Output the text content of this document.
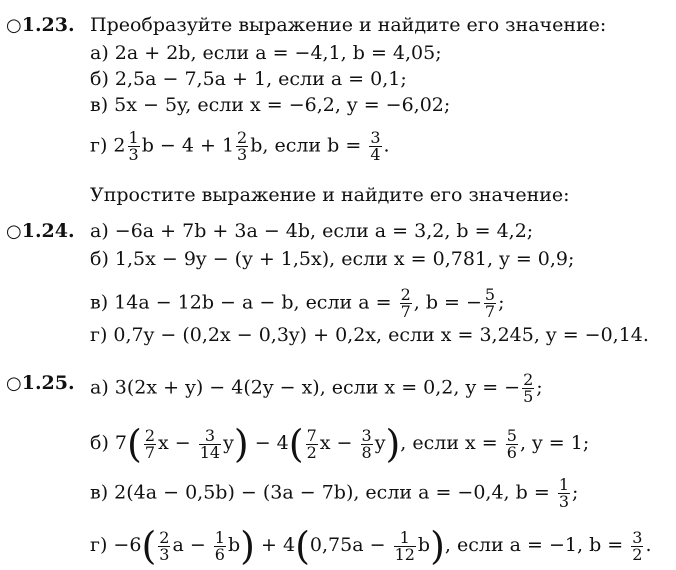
○1.23. Преобразуйте выражение и найдите его значение:
а) 2a + 2b, если a = −4,1, b = 4,05;
б) 2,5a − 7,5a + 1, если a = 0,1;
в) 5x − 5y, если x = −6,2, y = −6,02;
г) $2 \frac{1}{3}$ $b - 4 + 1 \frac{2}{3} b$, если $b = \frac{3}{4}$ .
Упростите выражение и найдите его значение:
○1.24. а) −6a + 7b + 3a − 4b, если a = 3,2, b = 4,2;
б) 1,5x − 9y − (y + 1,5x), если x = 0,781, y = 0,9;
в) 14a − 12b − a − b, если $a = \frac{2}{7}$ , b = − $\frac{5}{7}$ ;
г) 0,7y − (0,2x − 0,3y) + 0,2x, если x = 3,245, y = −0,14.
○1.25. а) 3(2x + y) − 4(2y − x), если x = 0,2, y = − $\frac{2}{5}$ ;
б) $7( \frac{2}{7}$ $x - \frac{3}{14} y) - 4( \frac{7}{2}$ $x - \frac{3}{8} y$), если $x = \frac{5}{6}$ , y = 1;
в) 2(4a − 0,5b) − (3a − 7b), если a = −0,4, $b = \frac{1}{3}$ ;
$г) -6( \frac{2}{3}$ $a - \frac{1}{6} b) + 4(0,75a - \frac{1}{12} b)$, если a = −1, $b = \frac{3}{2}$ .
